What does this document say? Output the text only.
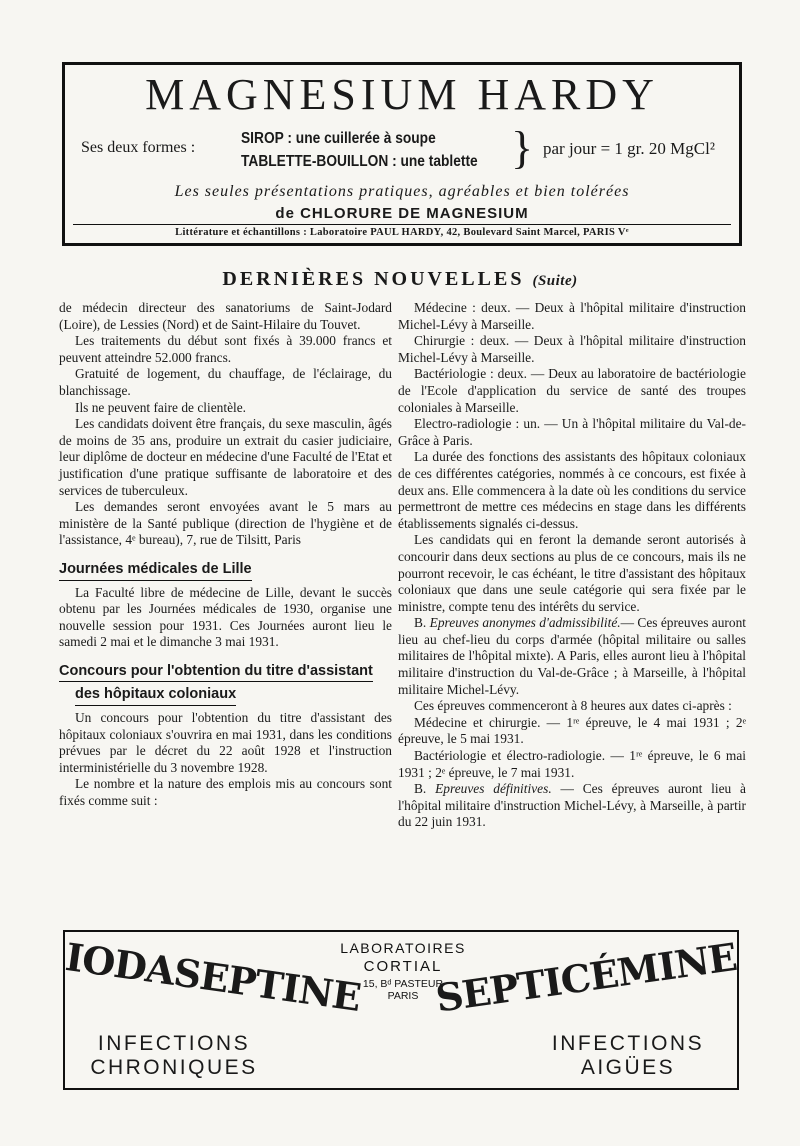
MAGNESIUM HARDY
Ses deux formes :
SIROP : une cuillerée à soupe
TABLETTE-BOUILLON : une tablette } par jour = 1 gr. 20 MgCl²
Les seules présentations pratiques, agréables et bien tolérées
de CHLORURE DE MAGNESIUM
Littérature et échantillons : Laboratoire PAUL HARDY, 42, Boulevard Saint Marcel, PARIS Vᵉ
DERNIÈRES NOUVELLES (Suite)

de médecin directeur des sanatoriums de Saint-Jodard (Loire), de Lessies (Nord) et de Saint-Hilaire du Touvet.

Les traitements du début sont fixés à 39.000 francs et peuvent atteindre 52.000 francs.

Gratuité de logement, du chauffage, de l'éclairage, du blanchissage.

Ils ne peuvent faire de clientèle.

Les candidats doivent être français, du sexe masculin, âgés de moins de 35 ans, produire un extrait du casier judiciaire, leur diplôme de docteur en médecine d'une Faculté de l'Etat et justification d'une pratique suffisante de laboratoire et des services de tuberculeux.

Les demandes seront envoyées avant le 5 mars au ministère de la Santé publique (direction de l'hygiène et de l'assistance, 4ᵉ bureau), 7, rue de Tilsitt, Paris

Journées médicales de Lille

La Faculté libre de médecine de Lille, devant le succès obtenu par les Journées médicales de 1930, organise une nouvelle session pour 1931. Ces Journées auront lieu le samedi 2 mai et le dimanche 3 mai 1931.

Concours pour l'obtention du titre d'assistant
des hôpitaux coloniaux

Un concours pour l'obtention du titre d'assistant des hôpitaux coloniaux s'ouvrira en mai 1931, dans les conditions prévues par le décret du 22 août 1928 et l'instruction interministérielle du 3 novembre 1928.

Le nombre et la nature des emplois mis au concours sont fixés comme suit :

Médecine : deux. — Deux à l'hôpital militaire d'instruction Michel-Lévy à Marseille.

Chirurgie : deux. — Deux à l'hôpital militaire d'instruction Michel-Lévy à Marseille.

Bactériologie : deux. — Deux au laboratoire de bactériologie de l'Ecole d'application du service de santé des troupes coloniales à Marseille.

Electro-radiologie : un. — Un à l'hôpital militaire du Val-de-Grâce à Paris.

La durée des fonctions des assistants des hôpitaux coloniaux de ces différentes catégories, nommés à ce concours, est fixée à deux ans. Elle commencera à la date où les conditions du service permettront de mettre ces médecins en stage dans les différents établissements signalés ci-dessus.

Les candidats qui en feront la demande seront autorisés à concourir dans deux sections au plus de ce concours, mais ils ne pourront recevoir, le cas échéant, le titre d'assistant des hôpitaux coloniaux que dans une seule catégorie qui sera fixée par le ministre, compte tenu des intérêts du service.

B. Epreuves anonymes d'admissibilité.— Ces épreuves auront lieu au chef-lieu du corps d'armée (hôpital militaire ou salles militaires de l'hôpital mixte). A Paris, elles auront lieu à l'hôpital militaire d'instruction du Val-de-Grâce ; à Marseille, à l'hôpital militaire Michel-Lévy.

Ces épreuves commenceront à 8 heures aux dates ci-après :

Médecine et chirurgie. — 1ʳᵉ épreuve, le 4 mai 1931 ; 2ᵉ épreuve, le 5 mai 1931.

Bactériologie et électro-radiologie. — 1ʳᵉ épreuve, le 6 mai 1931 ; 2ᵉ épreuve, le 7 mai 1931.

B. Epreuves définitives. — Ces épreuves auront lieu à l'hôpital militaire d'instruction Michel-Lévy, à Marseille, à partir du 22 juin 1931.

IODASEPTINE SEPTICÉMINE
LABORATOIRES
CORTIAL
15, Bᵈ PASTEUR
PARIS
INFECTIONS
CHRONIQUES
INFECTIONS
AIGÜES
